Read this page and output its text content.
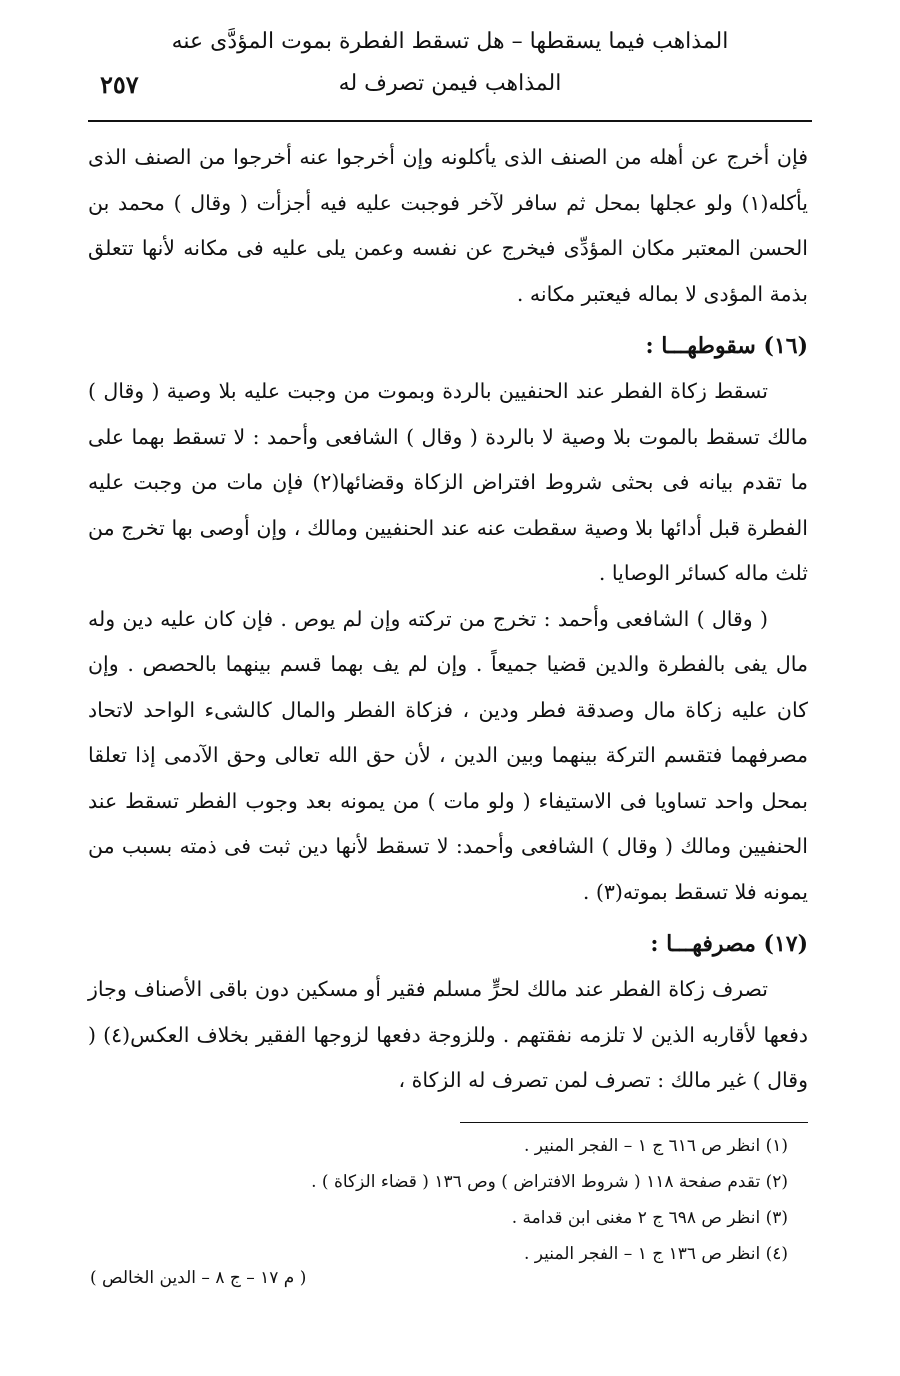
المذاهب فيما يسقطها – هل تسقط الفطرة بموت المؤدَّى عنه
المذاهب فيمن تصرف له
٢٥٧

فإن أخرج عن أهله من الصنف الذى يأكلونه وإن أخرجوا عنه أخرجوا من الصنف الذى يأكله(١) ولو عجلها بمحل ثم سافر لآخر فوجبت عليه فيه أجزأت ( وقال ) محمد بن الحسن المعتبر مكان المؤدِّى فيخرج عن نفسه وعمن يلى عليه فى مكانه لأنها تتعلق بذمة المؤدى لا بماله فيعتبر مكانه .

(١٦) سقوطهـــا :

تسقط زكاة الفطر عند الحنفيين بالردة وبموت من وجبت عليه بلا وصية ( وقال ) مالك تسقط بالموت بلا وصية لا بالردة ( وقال ) الشافعى وأحمد : لا تسقط بهما على ما تقدم بيانه فى بحثى شروط افتراض الزكاة وقضائها(٢) فإن مات من وجبت عليه الفطرة قبل أدائها بلا وصية سقطت عنه عند الحنفيين ومالك ، وإن أوصى بها تخرج من ثلث ماله كسائر الوصايا .

( وقال ) الشافعى وأحمد : تخرج من تركته وإن لم يوص . فإن كان عليه دين وله مال يفى بالفطرة والدين قضيا جميعاً . وإن لم يف بهما قسم بينهما بالحصص . وإن كان عليه زكاة مال وصدقة فطر ودين ، فزكاة الفطر والمال كالشىء الواحد لاتحاد مصرفهما فتقسم التركة بينهما وبين الدين ، لأن حق الله تعالى وحق الآدمى إذا تعلقا بمحل واحد تساويا فى الاستيفاء ( ولو مات ) من يمونه بعد وجوب الفطر تسقط عند الحنفيين ومالك ( وقال ) الشافعى وأحمد: لا تسقط لأنها دين ثبت فى ذمته بسبب من يمونه فلا تسقط بموته(٣) .

(١٧) مصرفهـــا :

تصرف زكاة الفطر عند مالك لحرٍّ مسلم فقير أو مسكين دون باقى الأصناف وجاز دفعها لأقاربه الذين لا تلزمه نفقتهم . وللزوجة دفعها لزوجها الفقير بخلاف العكس(٤) ( وقال ) غير مالك : تصرف لمن تصرف له الزكاة ،

(١) انظر ص ٦١٦ ج ١ – الفجر المنير .

(٢) تقدم صفحة ١١٨ ( شروط الافتراض ) وص ١٣٦ ( قضاء الزكاة ) .

(٣) انظر ص ٦٩٨ ج ٢ مغنى ابن قدامة .

(٤) انظر ص ١٣٦ ج ١ – الفجر المنير .

( م ١٧ – ج ٨ – الدين الخالص )
